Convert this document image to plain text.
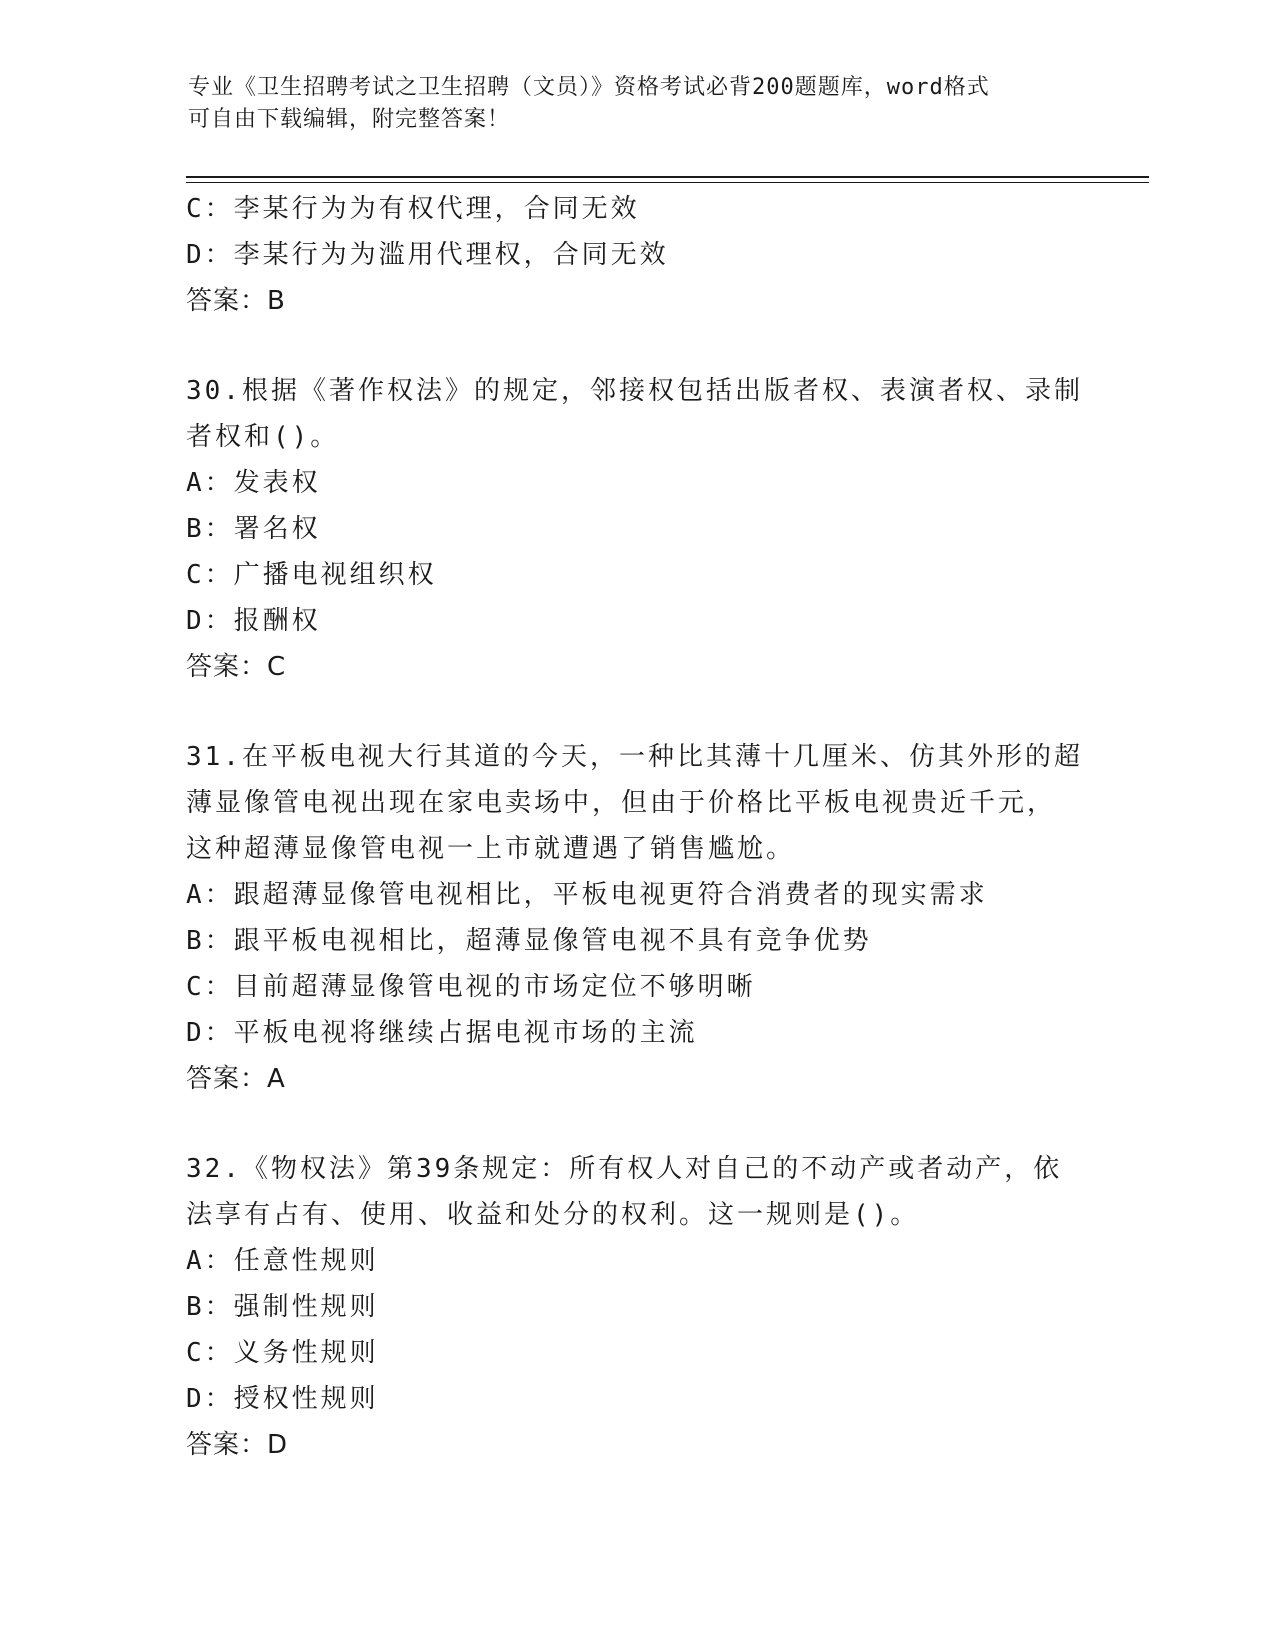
专业《卫生招聘考试之卫生招聘（文员）》资格考试必背200题题库，word格式
可自由下载编辑，附完整答案！
C：李某行为为有权代理，合同无效
D：李某行为为滥用代理权，合同无效
答案：B
30.根据《著作权法》的规定，邻接权包括出版者权、表演者权、录制
者权和()。
A：发表权
B：署名权
C：广播电视组织权
D：报酬权
答案：C
31.在平板电视大行其道的今天，一种比其薄十几厘米、仿其外形的超
薄显像管电视出现在家电卖场中，但由于价格比平板电视贵近千元，
这种超薄显像管电视一上市就遭遇了销售尴尬。
A：跟超薄显像管电视相比，平板电视更符合消费者的现实需求
B：跟平板电视相比，超薄显像管电视不具有竞争优势
C：目前超薄显像管电视的市场定位不够明晰
D：平板电视将继续占据电视市场的主流
答案：A
32.《物权法》第39条规定：所有权人对自己的不动产或者动产，依
法享有占有、使用、收益和处分的权利。这一规则是()。
A：任意性规则
B：强制性规则
C：义务性规则
D：授权性规则
答案：D
